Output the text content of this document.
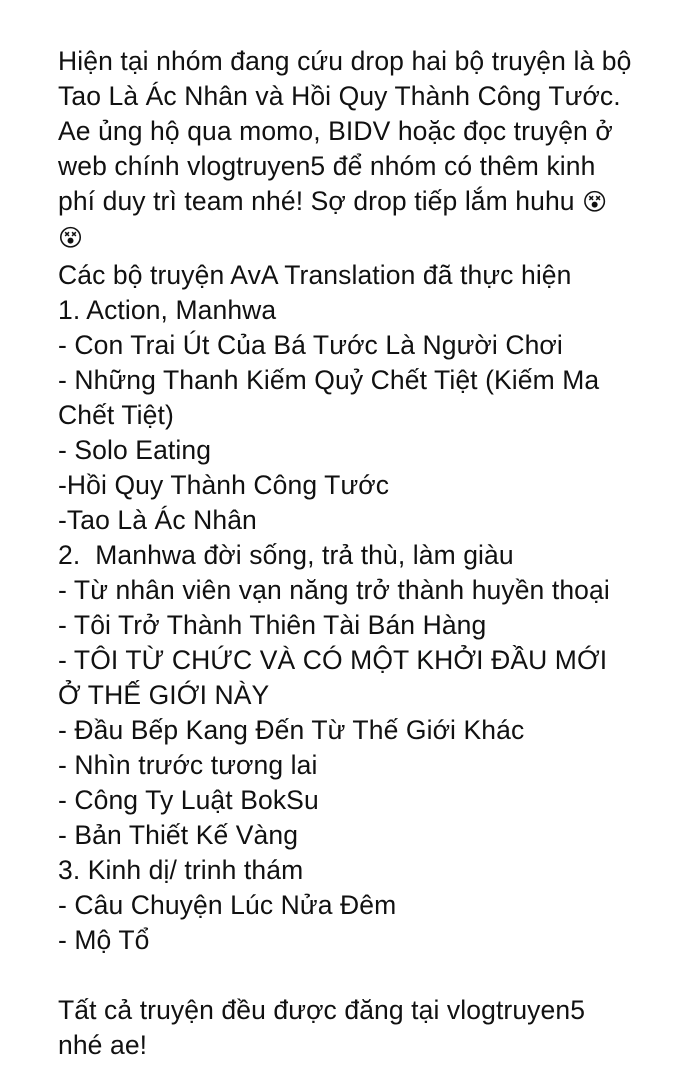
Hiện tại nhóm đang cứu drop hai bộ truyện là bộ Tao Là Ác Nhân và Hồi Quy Thành Công Tước. Ae ủng hộ qua momo, BIDV hoặc đọc truyện ở web chính vlogtruyen5 để nhóm có thêm kinh phí duy trì team nhé! Sợ drop tiếp lắm huhu 😵😵

Các bộ truyện AvA Translation đã thực hiện

1. Action, Manhwa

- Con Trai Út Của Bá Tước Là Người Chơi

- Những Thanh Kiếm Quỷ Chết Tiệt (Kiếm Ma Chết Tiệt)

- Solo Eating

-Hồi Quy Thành Công Tước

-Tao Là Ác Nhân

2.  Manhwa đời sống, trả thù, làm giàu

- Từ nhân viên vạn năng trở thành huyền thoại

- Tôi Trở Thành Thiên Tài Bán Hàng

- TÔI TỪ CHỨC VÀ CÓ MỘT KHỞI ĐẦU MỚI Ở THẾ GIỚI NÀY

- Đầu Bếp Kang Đến Từ Thế Giới Khác

- Nhìn trước tương lai

- Công Ty Luật BokSu

- Bản Thiết Kế Vàng

3. Kinh dị/ trinh thám

- Câu Chuyện Lúc Nửa Đêm

- Mộ Tổ

Tất cả truyện đều được đăng tại vlogtruyen5 nhé ae!
